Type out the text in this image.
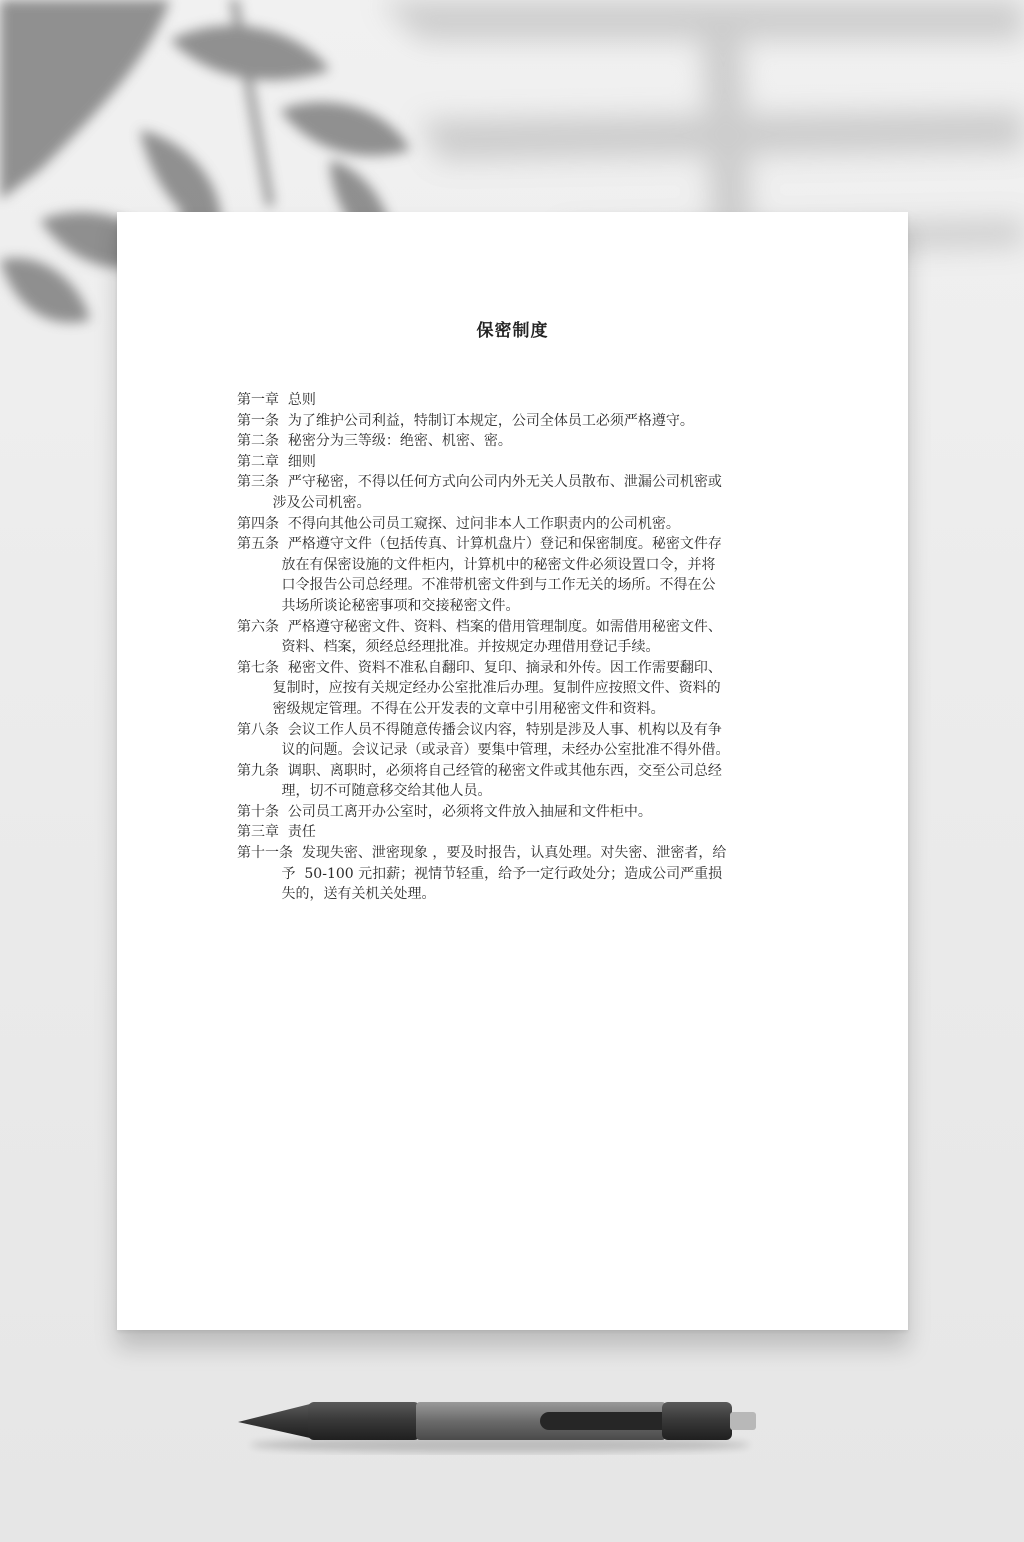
保密制度
第一章  总则
第一条  为了维护公司利益，特制订本规定，公司全体员工必须严格遵守。
第二条  秘密分为三等级：绝密、机密、密。
第二章  细则
第三条  严守秘密，不得以任何方式向公司内外无关人员散布、泄漏公司机密或
涉及公司机密。
第四条  不得向其他公司员工窥探、过问非本人工作职责内的公司机密。
第五条  严格遵守文件（包括传真、计算机盘片）登记和保密制度。秘密文件存
放在有保密设施的文件柜内，计算机中的秘密文件必须设置口令，并将
口令报告公司总经理。不准带机密文件到与工作无关的场所。不得在公
共场所谈论秘密事项和交接秘密文件。
第六条  严格遵守秘密文件、资料、档案的借用管理制度。如需借用秘密文件、
资料、档案，须经总经理批准。并按规定办理借用登记手续。
第七条  秘密文件、资料不准私自翻印、复印、摘录和外传。因工作需要翻印、
复制时，应按有关规定经办公室批准后办理。复制件应按照文件、资料的
密级规定管理。不得在公开发表的文章中引用秘密文件和资料。
第八条  会议工作人员不得随意传播会议内容，特别是涉及人事、机构以及有争
议的问题。会议记录（或录音）要集中管理，未经办公室批准不得外借。
第九条  调职、离职时，必须将自己经管的秘密文件或其他东西，交至公司总经
理，切不可随意移交给其他人员。
第十条  公司员工离开办公室时，必须将文件放入抽屉和文件柜中。
第三章  责任
第十一条  发现失密、泄密现象 ，要及时报告，认真处理。对失密、泄密者，给
予  50-100 元扣薪；视情节轻重，给予一定行政处分；造成公司严重损
失的，送有关机关处理。
